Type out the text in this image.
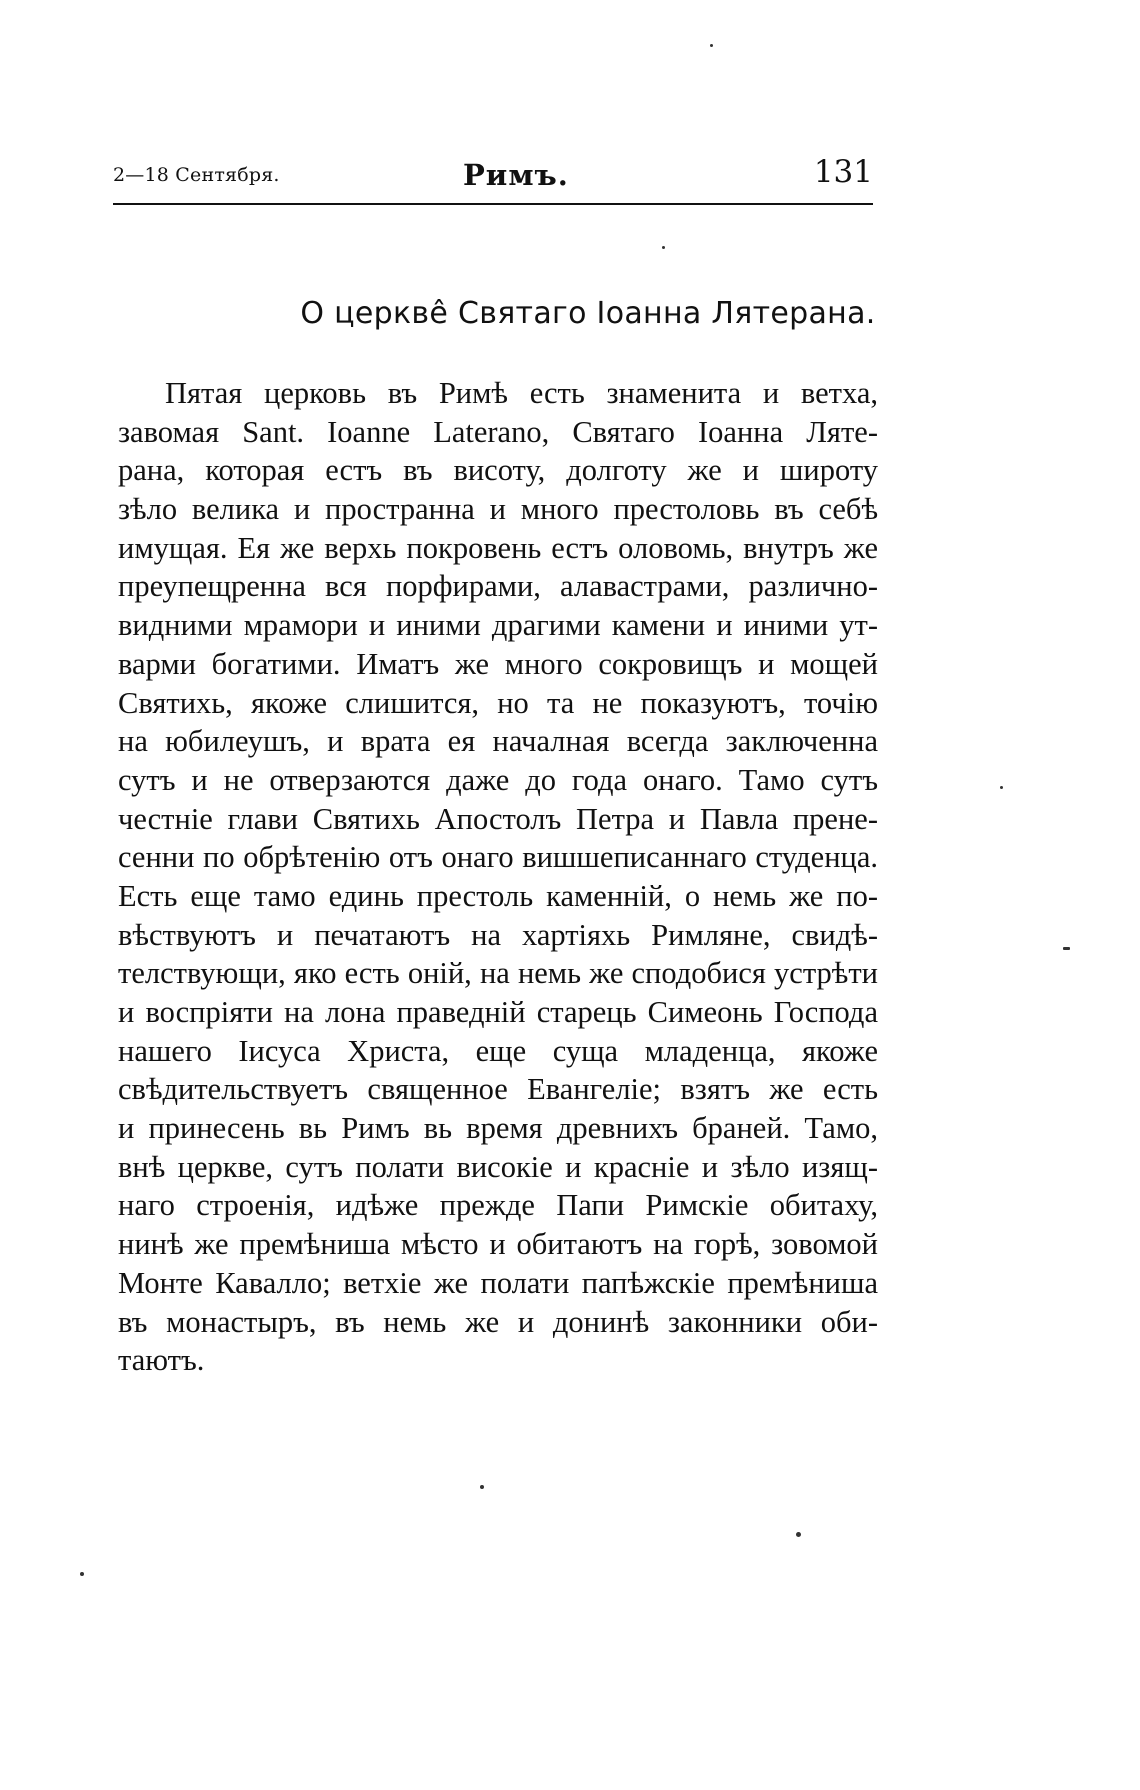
2—18 Сентября.	Римъ.	131
О церкве̂ Святаго Іоанна Лятерана.
Пятая церковь въ Римѣ есть знаменита и ветха,
завомая Sant. Ioanne Laterano, Святаго Іоанна Лятe-
рана, которая естъ въ висоту, долготу же и широту
зѣло велика и пространна и много престоловь въ себѣ
имущая. Ея же верхь покровень естъ оловомь, внутръ же
преупещренна вся порфирами, алавастрами, различно-
видними мрамори и иними драгими камени и иними ут-
варми богатими. Иматъ же много сокровищъ и мощей
Святихь, якоже слишится, но та не показуютъ, точію
на юбилеушъ, и врата ея началная всегда заключенна
сутъ и не отверзаются даже до года онаго. Тамо сутъ
честніе глави Святихь Апостолъ Петра и Павла пренe-
сенни по обрѣтенію отъ онаго вишшеписаннаго студенца.
Есть еще тамо единь престоль каменній, о немь же по-
вѣствуютъ и печатаютъ на хартіяхь Римляне, свидѣ-
телствующи, яко есть оній, на немь же сподобися устрѣти
и воспріяти на лона праведній старець Симеонь Господа
нашего Іисуса Христа, еще суща младенца, якоже
свѣдительствуетъ священное Евангеліе; взятъ же есть
и принесень вь Римъ вь время древнихъ браней. Тамо,
внѣ церкве, сутъ полати високіе и красніе и зѣло изящ-
наго строенія, идѣже прежде Папи Римскіе обитаху,
нинѣ же премѣниша мѣсто и обитаютъ на горѣ, зовомой
Монте Кавалло; ветхіе же полати папѣжскіе премѣниша
въ монастыръ, въ немь же и донинѣ законники оби-
таютъ.
